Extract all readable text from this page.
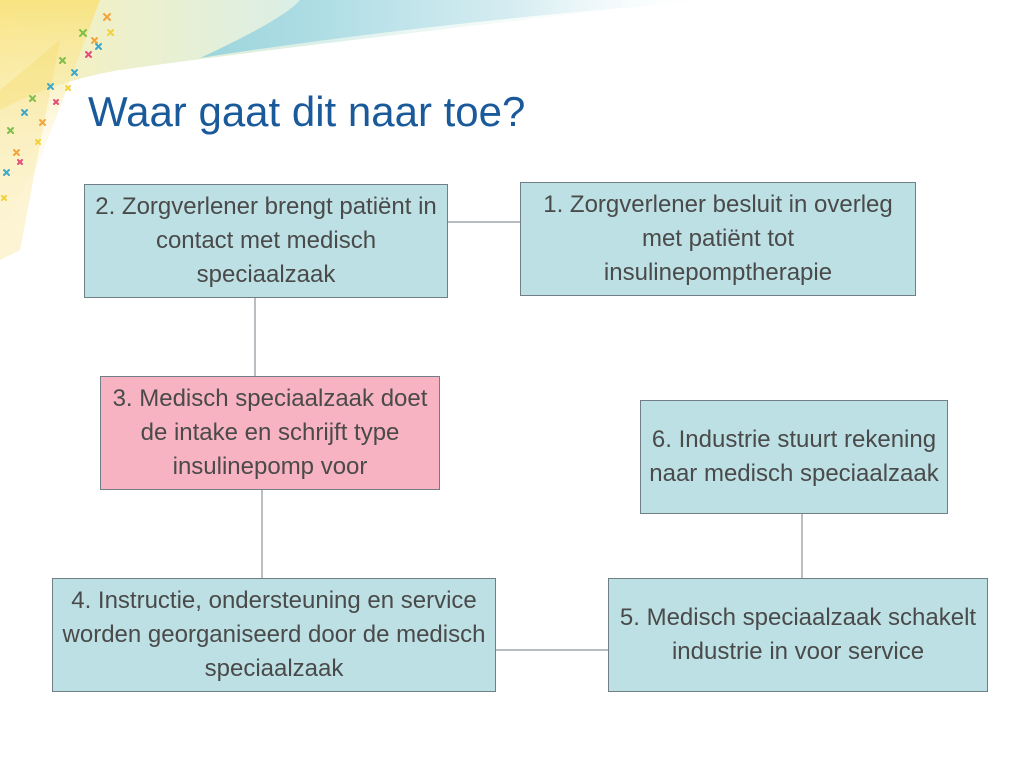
Waar gaat dit naar toe?
1. Zorgverlener besluit in overleg met patiënt tot insulinepomptherapie
2. Zorgverlener brengt patiënt in contact met medisch speciaalzaak
3. Medisch speciaalzaak doet de intake en schrijft type insulinepomp voor
4. Instructie, ondersteuning en service worden georganiseerd door de medisch speciaalzaak
5. Medisch speciaalzaak schakelt industrie in voor service
6. Industrie stuurt rekening naar medisch speciaalzaak
